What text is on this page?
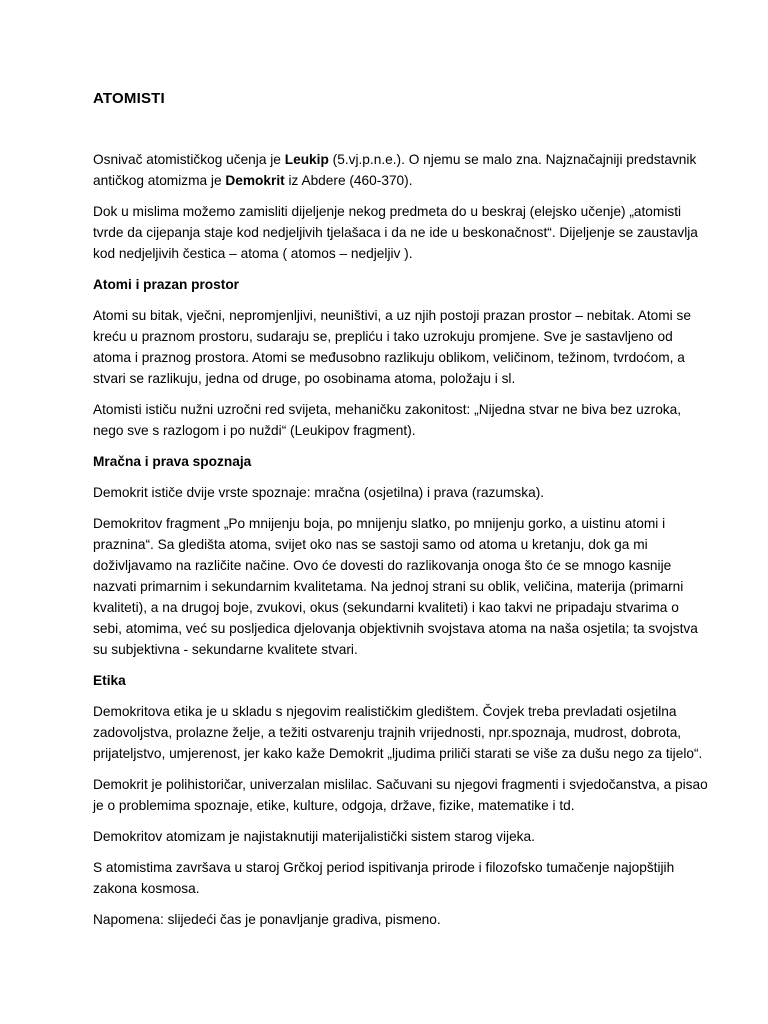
ATOMISTI

Osnivač atomističkog učenja je Leukip (5.vj.p.n.e.). O njemu se malo zna. Najznačajniji predstavnik antičkog atomizma je Demokrit iz Abdere (460-370).

Dok u mislima možemo zamisliti dijeljenje nekog predmeta do u beskraj (elejsko učenje) „atomisti tvrde da cijepanja staje kod nedjeljivih tjelašaca i da ne ide u beskonačnost“. Dijeljenje se zaustavlja kod nedjeljivih čestica – atoma ( atomos – nedjeljiv ).

Atomi i prazan prostor

Atomi su bitak, vječni, nepromjenljivi, neuništivi, a uz njih postoji prazan prostor – nebitak. Atomi se kreću u praznom prostoru, sudaraju se, prepliću i tako uzrokuju promjene. Sve je sastavljeno od atoma i praznog prostora. Atomi se međusobno razlikuju oblikom, veličinom, težinom, tvrdoćom, a stvari se razlikuju, jedna od druge, po osobinama atoma, položaju i sl.

Atomisti ističu nužni uzročni red svijeta, mehaničku zakonitost: „Nijedna stvar ne biva bez uzroka, nego sve s razlogom i po nuždi“ (Leukipov fragment).

Mračna i prava spoznaja

Demokrit ističe dvije vrste spoznaje: mračna (osjetilna) i prava (razumska).

Demokritov fragment „Po mnijenju boja, po mnijenju slatko, po mnijenju gorko, a uistinu atomi i praznina“. Sa gledišta atoma, svijet oko nas se sastoji samo od atoma u kretanju, dok ga mi doživljavamo na različite načine. Ovo će dovesti do razlikovanja onoga što će se mnogo kasnije nazvati primarnim i sekundarnim kvalitetama. Na jednoj strani su oblik, veličina, materija (primarni kvaliteti), a na drugoj boje, zvukovi, okus (sekundarni kvaliteti) i kao takvi ne pripadaju stvarima o sebi, atomima, već su posljedica djelovanja objektivnih svojstava atoma na naša osjetila; ta svojstva su subjektivna - sekundarne kvalitete stvari.

Etika

Demokritova etika je u skladu s njegovim realističkim gledištem. Čovjek treba prevladati osjetilna zadovoljstva, prolazne želje, a težiti ostvarenju trajnih vrijednosti, npr.spoznaja, mudrost, dobrota, prijateljstvo, umjerenost, jer kako kaže Demokrit „ljudima priliči starati se više za dušu nego za tijelo“.

Demokrit je polihistoričar, univerzalan mislilac. Sačuvani su njegovi fragmenti i svjedočanstva, a pisao je o problemima spoznaje, etike, kulture, odgoja, države, fizike, matematike i td.

Demokritov atomizam je najistaknutiji materijalistički sistem starog vijeka.

S atomistima završava u staroj Grčkoj period ispitivanja prirode i filozofsko tumačenje najopštijih zakona kosmosa.

Napomena: slijedeći čas je ponavljanje gradiva, pismeno.
